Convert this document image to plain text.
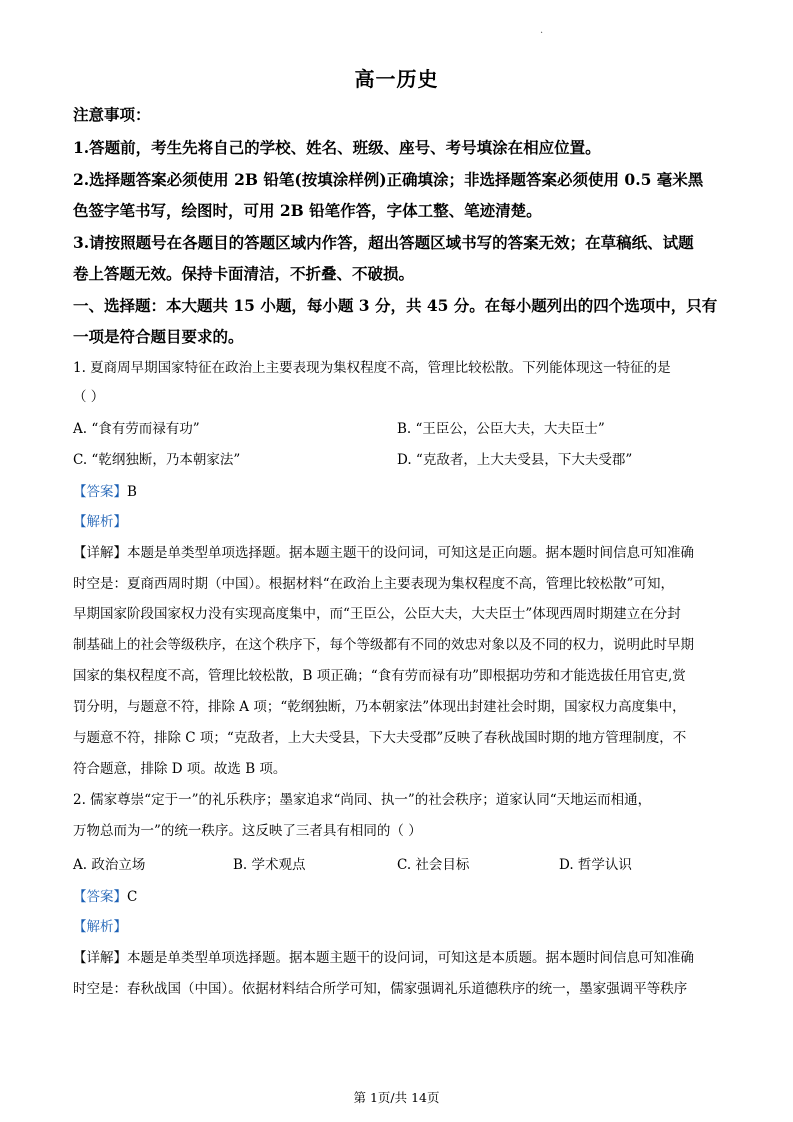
·
高一历史
注意事项：
1.答题前，考生先将自己的学校、姓名、班级、座号、考号填涂在相应位置。
2.选择题答案必须使用 2B 铅笔(按填涂样例)正确填涂；非选择题答案必须使用 0.5 毫米黑
色签字笔书写，绘图时，可用 2B 铅笔作答，字体工整、笔迹清楚。
3.请按照题号在各题目的答题区域内作答，超出答题区域书写的答案无效；在草稿纸、试题
卷上答题无效。保持卡面清洁，不折叠、不破损。
一、选择题：本大题共 15 小题，每小题 3 分，共 45 分。在每小题列出的四个选项中，只有
一项是符合题目要求的。
1. 夏商周早期国家特征在政治上主要表现为集权程度不高，管理比较松散。下列能体现这一特征的是
（ ）
A. “食有劳而禄有功”	B. “王臣公，公臣大夫，大夫臣士”
C. “乾纲独断，乃本朝家法”	D. “克敌者，上大夫受县，下大夫受郡”
【答案】B
【解析】
【详解】本题是单类型单项选择题。据本题主题干的设问词，可知这是正向题。据本题时间信息可知准确
时空是：夏商西周时期（中国）。根据材料“在政治上主要表现为集权程度不高，管理比较松散”可知，
早期国家阶段国家权力没有实现高度集中，而“王臣公，公臣大夫，大夫臣士”体现西周时期建立在分封
制基础上的社会等级秩序，在这个秩序下，每个等级都有不同的效忠对象以及不同的权力，说明此时早期
国家的集权程度不高，管理比较松散，B 项正确；“食有劳而禄有功”即根据功劳和才能选拔任用官吏,赏
罚分明，与题意不符，排除 A 项；“乾纲独断，乃本朝家法”体现出封建社会时期，国家权力高度集中，
与题意不符，排除 C 项；“克敌者，上大夫受县，下大夫受郡”反映了春秋战国时期的地方管理制度，不
符合题意，排除 D 项。故选 B 项。
2. 儒家尊崇“定于一”的礼乐秩序；墨家追求“尚同、执一”的社会秩序；道家认同“天地运而相通，
万物总而为一”的统一秩序。这反映了三者具有相同的（ ）
A. 政治立场	B. 学术观点	C. 社会目标	D. 哲学认识
【答案】C
【解析】
【详解】本题是单类型单项选择题。据本题主题干的设问词，可知这是本质题。据本题时间信息可知准确
时空是：春秋战国（中国）。依据材料结合所学可知，儒家强调礼乐道德秩序的统一，墨家强调平等秩序
第 1页/共 14页
